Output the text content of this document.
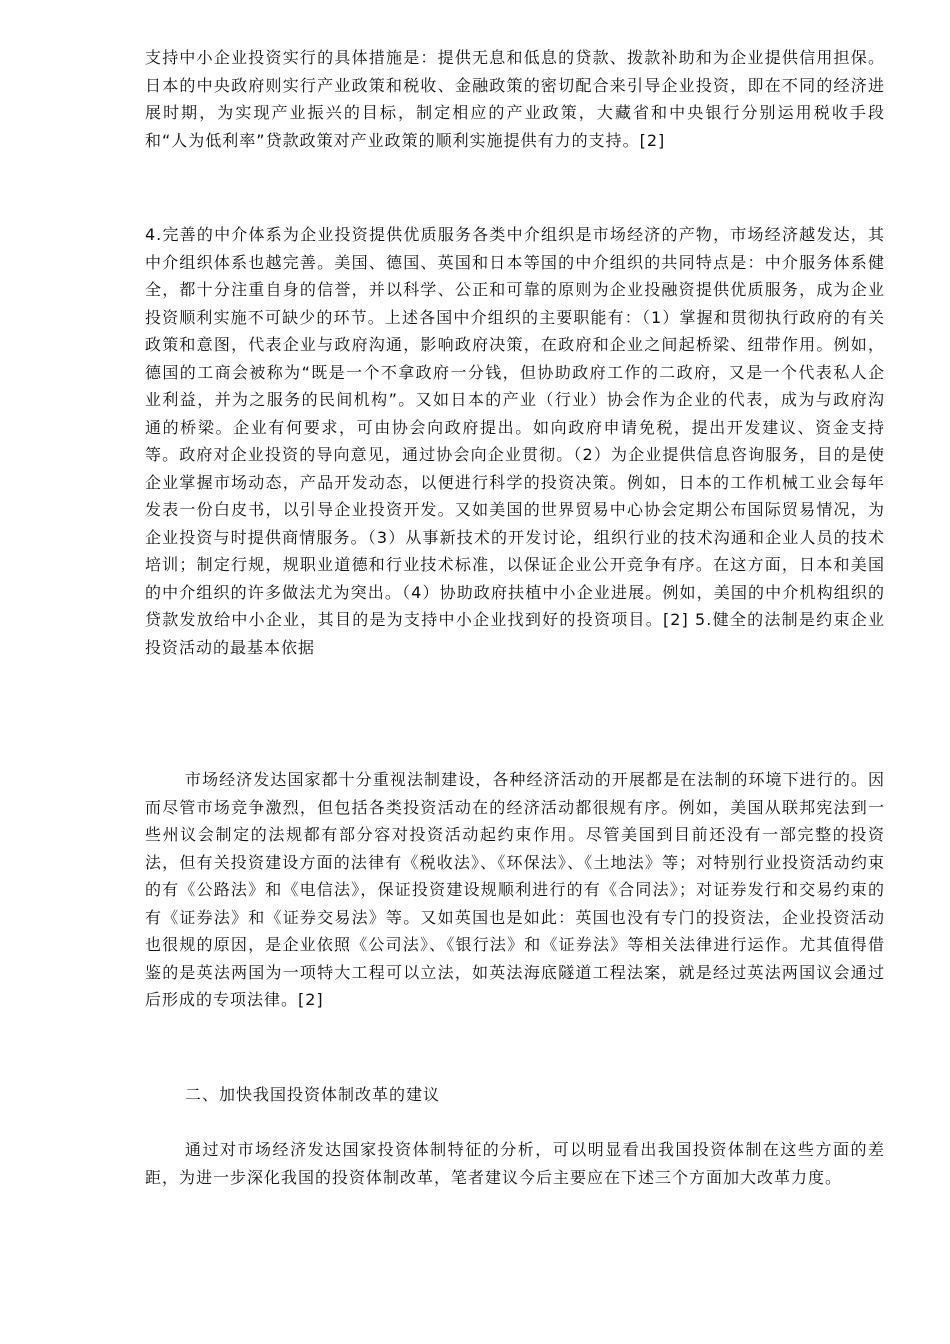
支持中小企业投资实行的具体措施是：提供无息和低息的贷款、拨款补助和为企业提供信用担保。日本的中央政府则实行产业政策和税收、金融政策的密切配合来引导企业投资，即在不同的经济进展时期，为实现产业振兴的目标，制定相应的产业政策，大藏省和中央银行分别运用税收手段和“人为低利率”贷款政策对产业政策的顺利实施提供有力的支持。[2]

4.完善的中介体系为企业投资提供优质服务各类中介组织是市场经济的产物，市场经济越发达，其中介组织体系也越完善。美国、德国、英国和日本等国的中介组织的共同特点是：中介服务体系健全，都十分注重自身的信誉，并以科学、公正和可靠的原则为企业投融资提供优质服务，成为企业投资顺利实施不可缺少的环节。上述各国中介组织的主要职能有：（1）掌握和贯彻执行政府的有关政策和意图，代表企业与政府沟通，影响政府决策，在政府和企业之间起桥梁、纽带作用。例如，德国的工商会被称为“既是一个不拿政府一分钱，但协助政府工作的二政府，又是一个代表私人企业利益，并为之服务的民间机构”。又如日本的产业（行业）协会作为企业的代表，成为与政府沟通的桥梁。企业有何要求，可由协会向政府提出。如向政府申请免税，提出开发建议、资金支持等。政府对企业投资的导向意见，通过协会向企业贯彻。（2）为企业提供信息咨询服务，目的是使企业掌握市场动态，产品开发动态，以便进行科学的投资决策。例如，日本的工作机械工业会每年发表一份白皮书，以引导企业投资开发。又如美国的世界贸易中心协会定期公布国际贸易情况，为企业投资与时提供商情服务。（3）从事新技术的开发讨论，组织行业的技术沟通和企业人员的技术培训；制定行规，规职业道德和行业技术标准，以保证企业公开竞争有序。在这方面，日本和美国的中介组织的许多做法尤为突出。（4）协助政府扶植中小企业进展。例如，美国的中介机构组织的贷款发放给中小企业，其目的是为支持中小企业找到好的投资项目。[2] 5.健全的法制是约束企业投资活动的最基本依据

市场经济发达国家都十分重视法制建设，各种经济活动的开展都是在法制的环境下进行的。因而尽管市场竞争激烈，但包括各类投资活动在的经济活动都很规有序。例如，美国从联邦宪法到一些州议会制定的法规都有部分容对投资活动起约束作用。尽管美国到目前还没有一部完整的投资法，但有关投资建设方面的法律有《税收法》、《环保法》、《土地法》等；对特别行业投资活动约束的有《公路法》和《电信法》，保证投资建设规顺利进行的有《合同法》；对证券发行和交易约束的有《证券法》和《证券交易法》等。又如英国也是如此：英国也没有专门的投资法，企业投资活动也很规的原因，是企业依照《公司法》、《银行法》和《证券法》等相关法律进行运作。尤其值得借鉴的是英法两国为一项特大工程可以立法，如英法海底隧道工程法案，就是经过英法两国议会通过后形成的专项法律。[2]

二、加快我国投资体制改革的建议

通过对市场经济发达国家投资体制特征的分析，可以明显看出我国投资体制在这些方面的差距，为进一步深化我国的投资体制改革，笔者建议今后主要应在下述三个方面加大改革力度。
